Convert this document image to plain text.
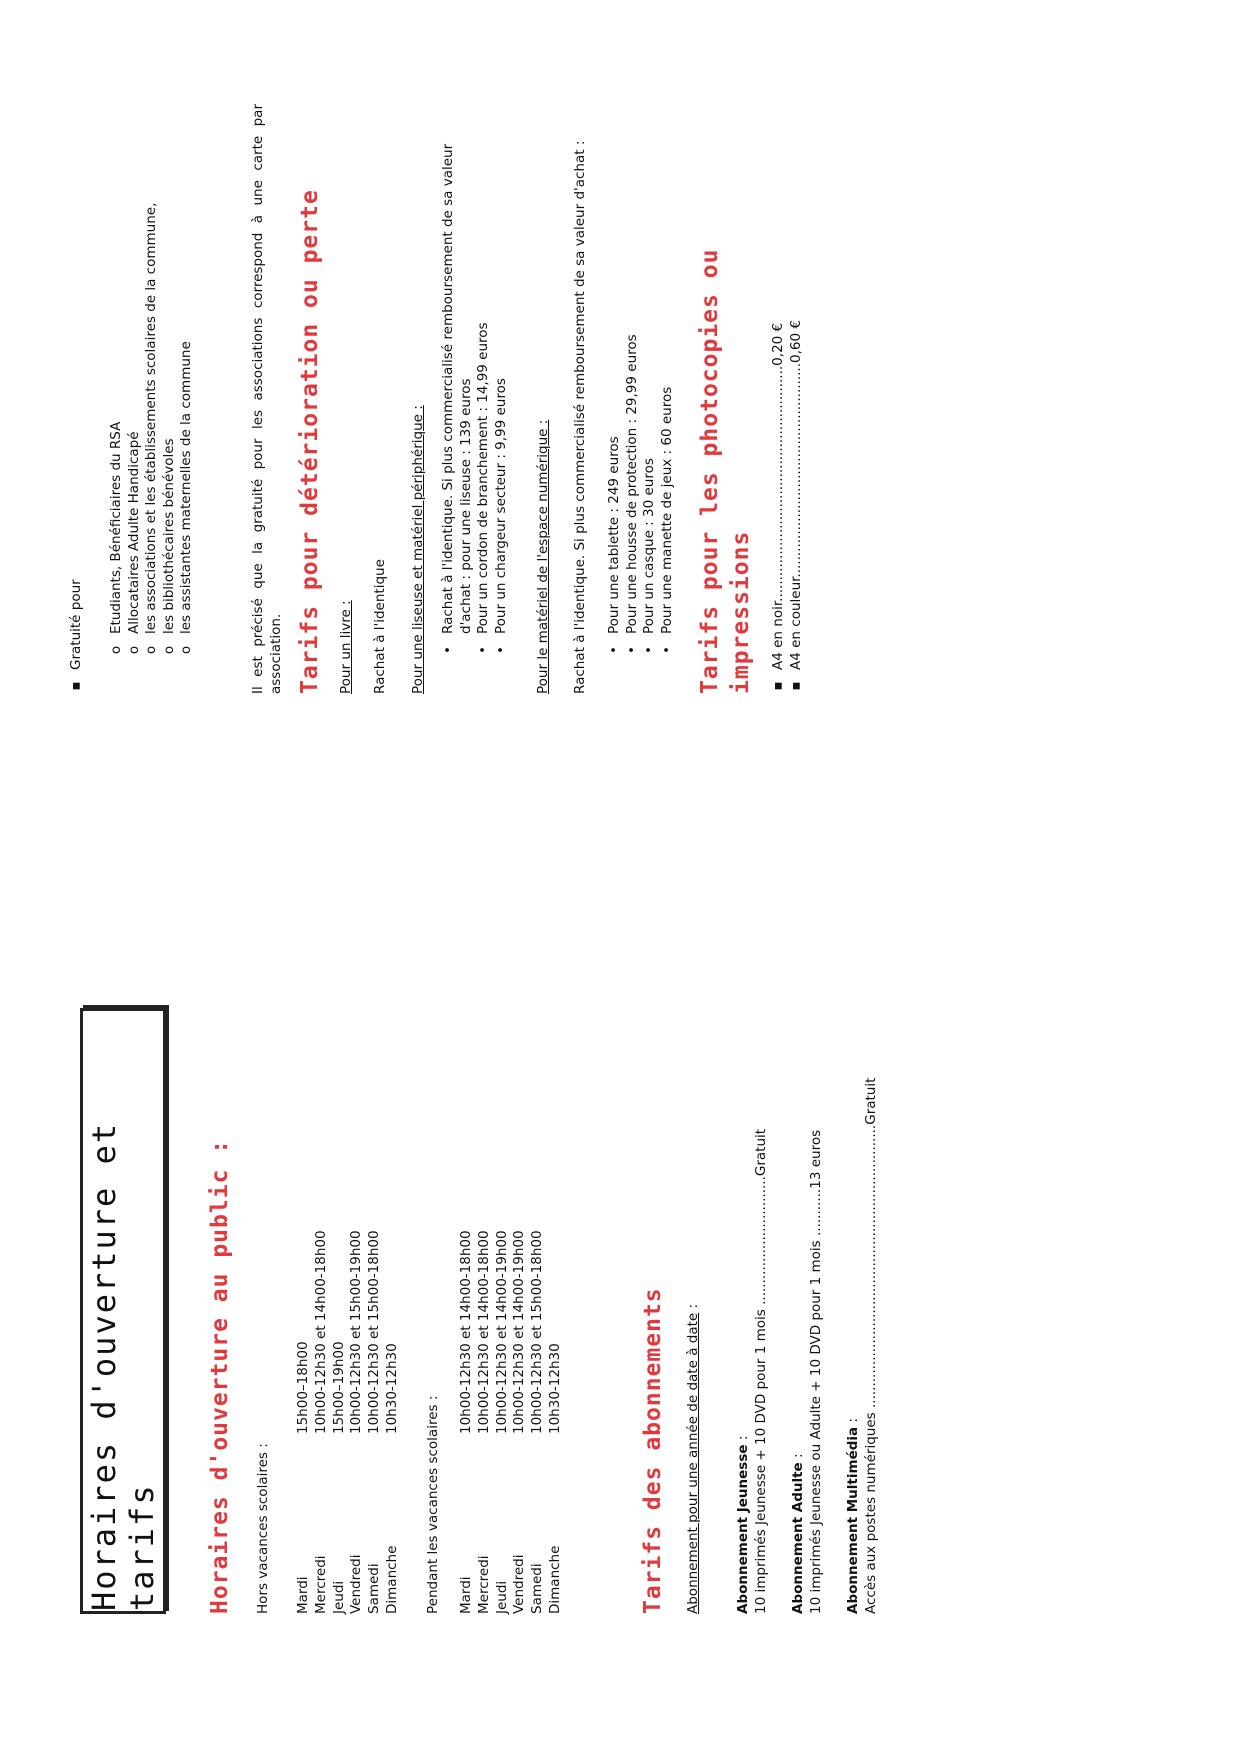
Horaires d'ouverture et tarifs Horaires d'ouverture au public : Hors vacances scolaires : Mardi	15h00–18h00
Mercredi	10h00-12h30 et 14h00-18h00
Jeudi	15h00–19h00
Vendredi	10h00-12h30 et 15h00-19h00
Samedi	10h00-12h30 et 15h00-18h00
Dimanche	10h30-12h30
Pendant les vacances scolaires : Mardi	10h00-12h30 et 14h00-18h00
Mercredi	10h00-12h30 et 14h00-18h00
Jeudi	10h00-12h30 et 14h00-19h00
Vendredi	10h00-12h30 et 14h00-19h00
Samedi	10h00-12h30 et 15h00-18h00
Dimanche	10h30-12h30	Tarifs des abonnements Abonnement pour une année de date à date :
Abonnement Jeunesse : 10 imprimés Jeunesse + 10 DVD pour 1 mois ..............................Gratuit
Abonnement Adulte : 10 imprimés Jeunesse ou Adulte + 10 DVD pour 1 mois ...........13 euros
Abonnement Multimédia : Accès aux postes numériques ..................................................................Gratuit
▪
Gratuité pour o
Etudiants, Bénéficiaires du RSA
o
Allocataires Adulte Handicapé
o
les associations et les établissements scolaires de la commune,
o
les bibliothécaires bénévoles
o
les assistantes maternelles de la commune	Il est précisé que la gratuité pour les associations correspond à une carte par association. Tarifs pour détérioration ou perte Pour un livre : Rachat à l'identique Pour une liseuse et matériel périphérique : •
Rachat à l'identique. Si plus commercialisé remboursement de sa valeur d'achat : pour une liseuse : 139 euros
•
Pour un cordon de branchement : 14,99 euros
•
Pour un chargeur secteur : 9,99 euros Pour le matériel de l'espace numérique : Rachat à l'identique. Si plus commercialisé remboursement de sa valeur d'achat : •
Pour une tablette : 249 euros
•
Pour une housse de protection : 29,99 euros
•
Pour un casque : 30 euros
•
Pour une manette de jeux : 60 euros Tarifs pour les photocopies ou impressions ▪
A4 en noir.......................................................0,20 €
▪
A4 en couleur..................................................0,60 €
